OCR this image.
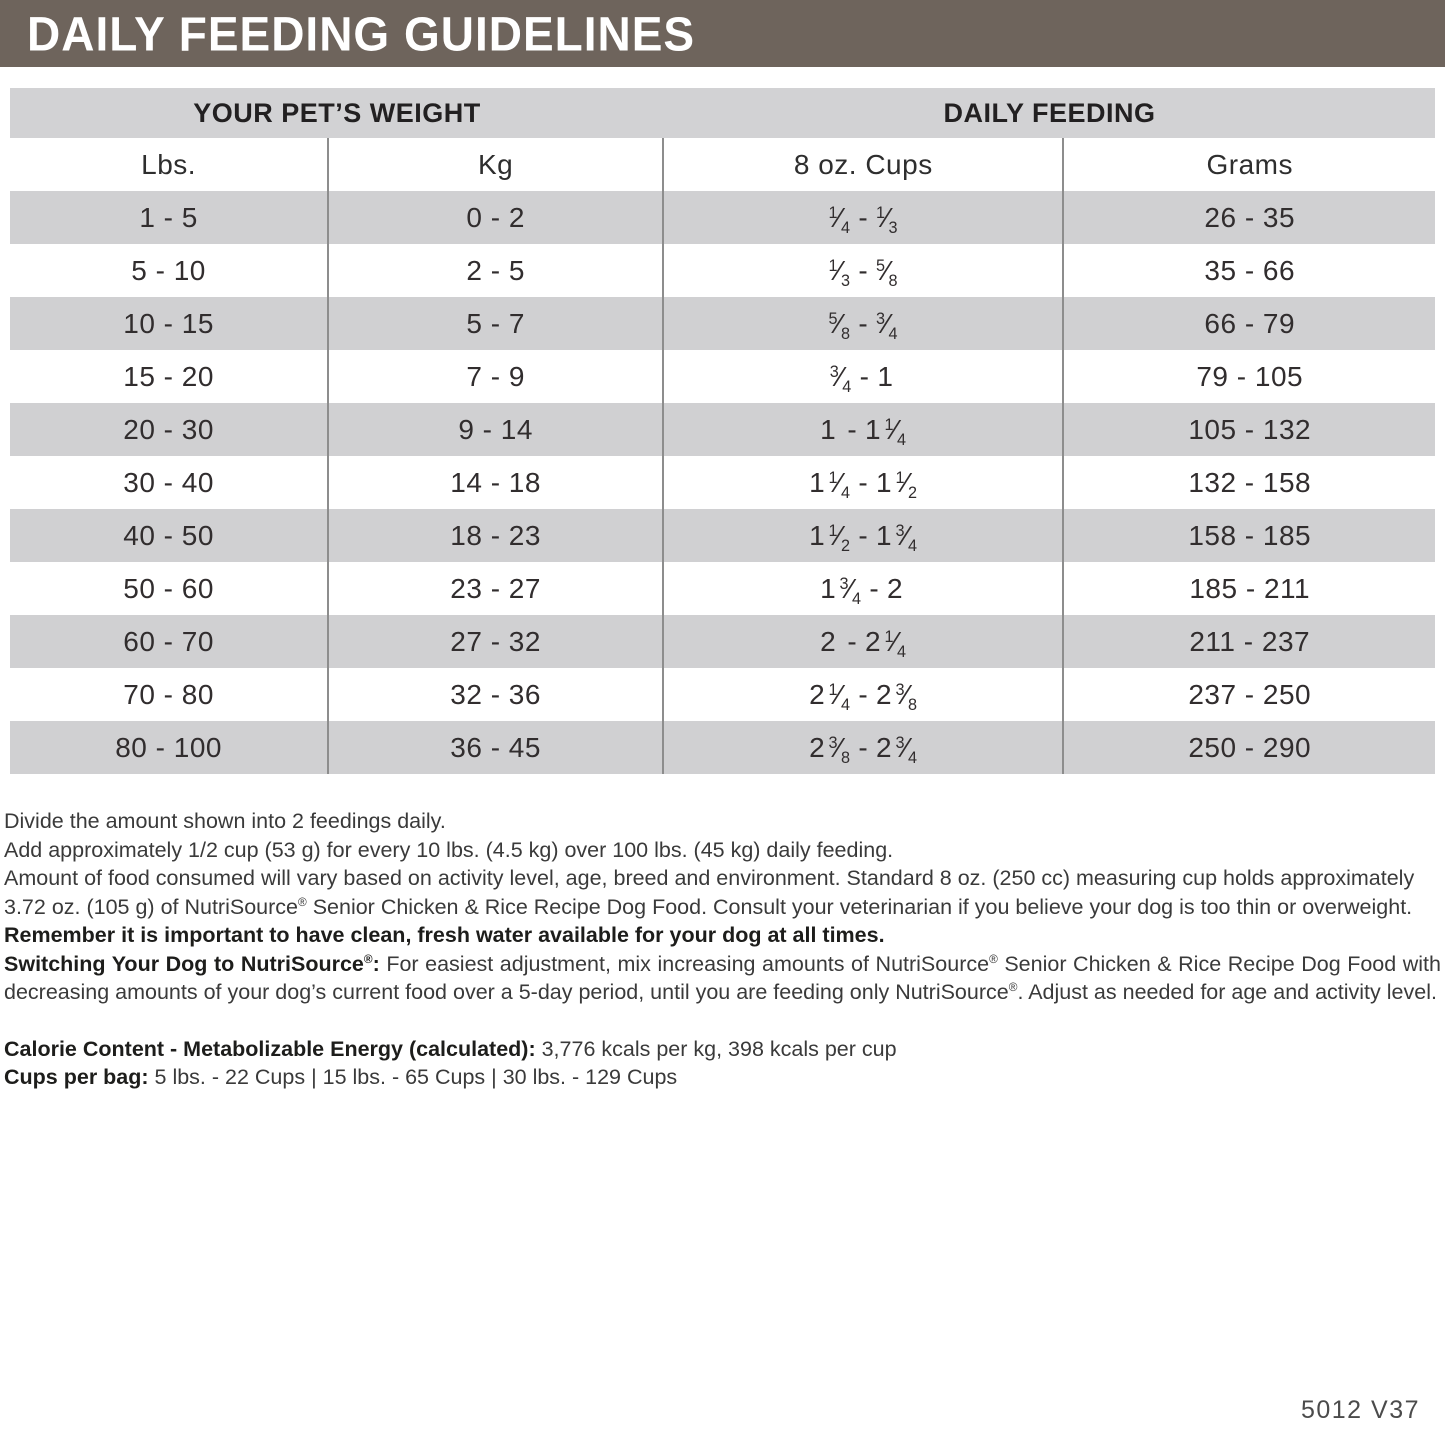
DAILY FEEDING GUIDELINES
YOUR PET’S WEIGHT	DAILY FEEDING
Lbs.	Kg	8 oz. Cups	Grams
1 - 5	0 - 2	$^1⁄_4$ - $^1⁄_3$	26 - 35
5 - 10	2 - 5	$^1⁄_3$ - $^5⁄_8$	35 - 66
10 - 15	5 - 7	$^5⁄_8$ - $^3⁄_4$	66 - 79
15 - 20	7 - 9	$^3⁄_4 - 1$	79 - 105
20 - 30	9 - 14	1 - 1 $^1⁄_4$	105 - 132
30 - 40	14 - 18	1 $^1⁄_4 - 1$ $^1⁄_2$	132 - 158
40 - 50	18 - 23	1 $^1⁄_2 - 1$ $^3⁄_4$	158 - 185
50 - 60	23 - 27	1 $^3⁄_4 - 2$	185 - 211
60 - 70	27 - 32	2 - 2 $^1⁄_4$	211 - 237
70 - 80	32 - 36	2 $^1⁄_4 - 2$ $^3⁄_8$	237 - 250
80 - 100	36 - 45	2 $^3⁄_8 - 2$ $^3⁄_4$	250 - 290

Divide the amount shown into 2 feedings daily.

Add approximately 1/2 cup (53 g) for every 10 lbs. (4.5 kg) over 100 lbs. (45 kg) daily feeding.

Amount of food consumed will vary based on activity level, age, breed and environment. Standard 8 oz. (250 cc) measuring cup holds approximately 3.72 oz. (105 g) of NutriSource® Senior Chicken & Rice Recipe Dog Food. Consult your veterinarian if you believe your dog is too thin or overweight.

Remember it is important to have clean, fresh water available for your dog at all times.

Switching Your Dog to NutriSource®: For easiest adjustment, mix increasing amounts of NutriSource® Senior Chicken & Rice Recipe Dog Food with decreasing amounts of your dog’s current food over a 5-day period, until you are feeding only NutriSource®. Adjust as needed for age and activity level.

Calorie Content - Metabolizable Energy (calculated): 3,776 kcals per kg, 398 kcals per cup

Cups per bag: 5 lbs. - 22 Cups | 15 lbs. - 65 Cups | 30 lbs. - 129 Cups

5012 V37
